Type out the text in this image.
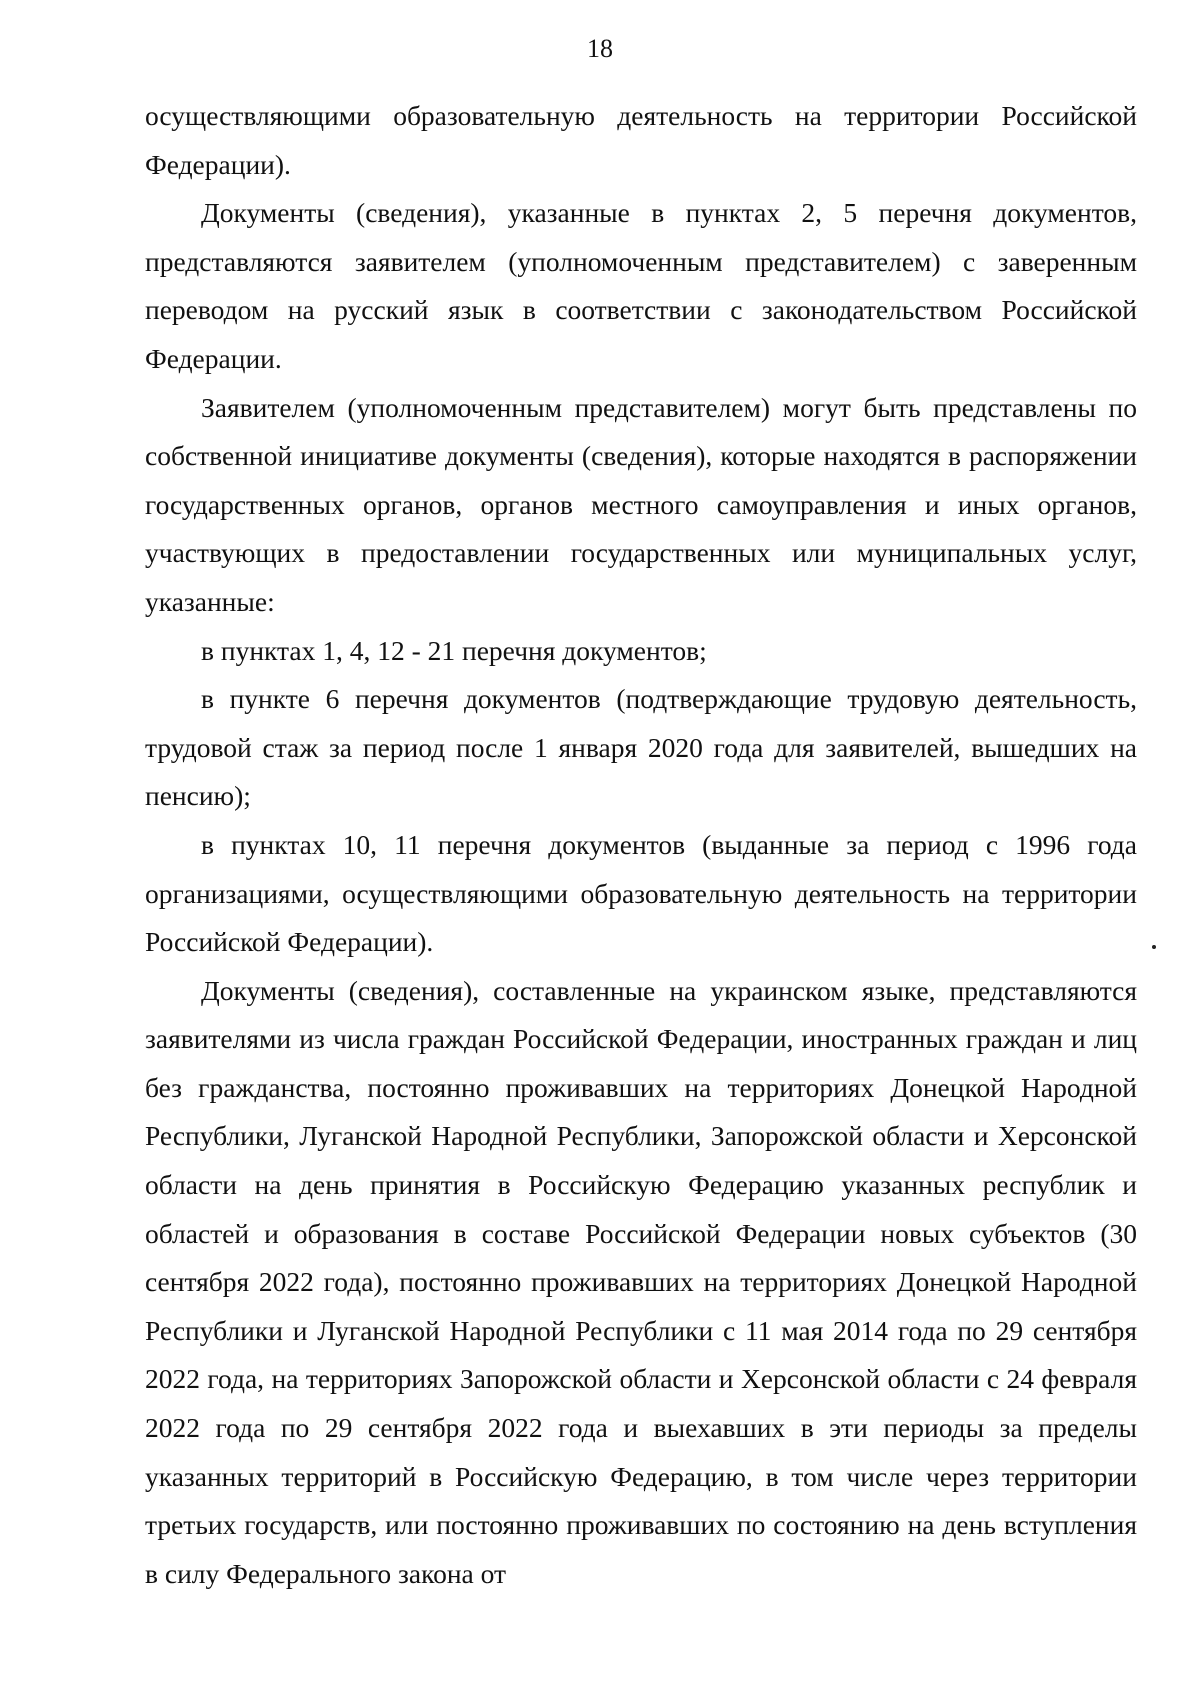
18

осуществляющими образовательную деятельность на территории Российской Федерации).

Документы (сведения), указанные в пунктах 2, 5 перечня документов, представляются заявителем (уполномоченным представителем) с заверенным переводом на русский язык в соответствии с законодательством Российской Федерации.

Заявителем (уполномоченным представителем) могут быть представлены по собственной инициативе документы (сведения), которые находятся в распоряжении государственных органов, органов местного самоуправления и иных органов, участвующих в предоставлении государственных или муниципальных услуг, указанные:

в пунктах 1, 4, 12 - 21 перечня документов;

в пункте 6 перечня документов (подтверждающие трудовую деятельность, трудовой стаж за период после 1 января 2020 года для заявителей, вышедших на пенсию);

в пунктах 10, 11 перечня документов (выданные за период с 1996 года организациями, осуществляющими образовательную деятельность на территории Российской Федерации).

Документы (сведения), составленные на украинском языке, представляются заявителями из числа граждан Российской Федерации, иностранных граждан и лиц без гражданства, постоянно проживавших на территориях Донецкой Народной Республики, Луганской Народной Республики, Запорожской области и Херсонской области на день принятия в Российскую Федерацию указанных республик и областей и образования в составе Российской Федерации новых субъектов (30 сентября 2022 года), постоянно проживавших на территориях Донецкой Народной Республики и Луганской Народной Республики с 11 мая 2014 года по 29 сентября 2022 года, на территориях Запорожской области и Херсонской области с 24 февраля 2022 года по 29 сентября 2022 года и выехавших в эти периоды за пределы указанных территорий в Российскую Федерацию, в том числе через территории третьих государств, или постоянно проживавших по состоянию на день вступления в силу Федерального закона от
